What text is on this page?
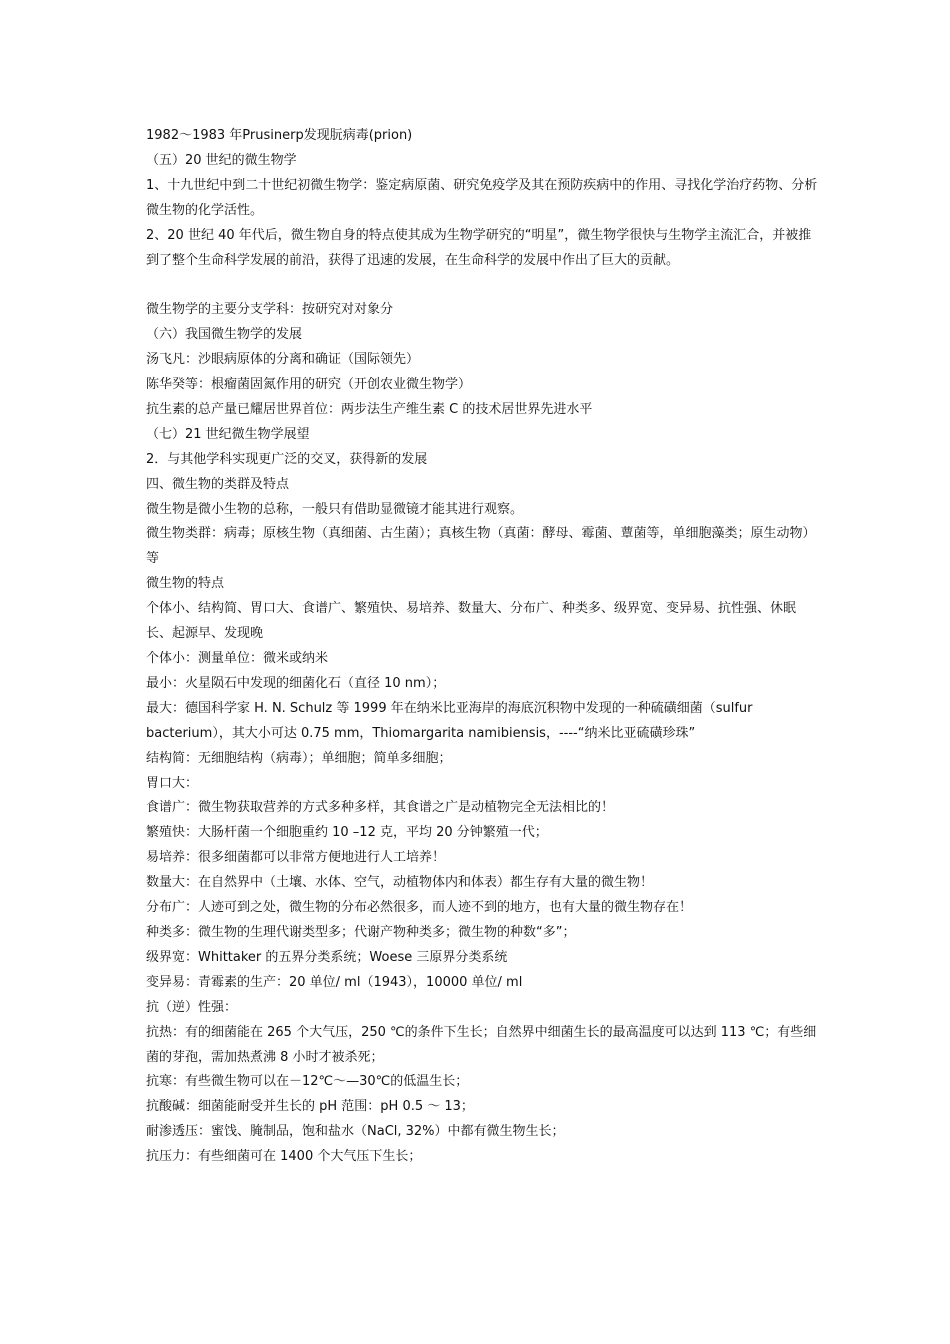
1982～1983 年Prusinerp发现朊病毒(prion)
（五）20 世纪的微生物学
1、十九世纪中到二十世纪初微生物学：鉴定病原菌、研究免疫学及其在预防疾病中的作用、寻找化学治疗药物、分析微生物的化学活性。
2、20 世纪 40 年代后，微生物自身的特点使其成为生物学研究的“明星”，微生物学很快与生物学主流汇合，并被推到了整个生命科学发展的前沿，获得了迅速的发展，在生命科学的发展中作出了巨大的贡献。
微生物学的主要分支学科：按研究对对象分
（六）我国微生物学的发展
汤飞凡：沙眼病原体的分离和确证（国际领先）
陈华癸等：根瘤菌固氮作用的研究（开创农业微生物学）
抗生素的总产量已耀居世界首位：两步法生产维生素 C 的技术居世界先进水平
（七）21 世纪微生物学展望
2．与其他学科实现更广泛的交叉，获得新的发展
四、微生物的类群及特点
微生物是微小生物的总称，一般只有借助显微镜才能其进行观察。
微生物类群：病毒；原核生物（真细菌、古生菌）；真核生物（真菌：酵母、霉菌、蕈菌等，单细胞藻类；原生动物）等
微生物的特点
个体小、结构简、胃口大、食谱广、繁殖快、易培养、数量大、分布广、种类多、级界宽、变异易、抗性强、休眠长、起源早、发现晚
个体小：测量单位：微米或纳米
最小：火星陨石中发现的细菌化石（直径 10 nm）；
最大：德国科学家 H. N. Schulz 等 1999 年在纳米比亚海岸的海底沉积物中发现的一种硫磺细菌（sulfur bacterium），其大小可达 0.75 mm，Thiomargarita namibiensis，----“纳米比亚硫磺珍珠”
结构简：无细胞结构（病毒）；单细胞；简单多细胞；
胃口大：
食谱广：微生物获取营养的方式多种多样，其食谱之广是动植物完全无法相比的！
繁殖快：大肠杆菌一个细胞重约 10 –12 克，平均 20 分钟繁殖一代；
易培养：很多细菌都可以非常方便地进行人工培养！
数量大：在自然界中（土壤、水体、空气，动植物体内和体表）都生存有大量的微生物！
分布广：人迹可到之处，微生物的分布必然很多，而人迹不到的地方，也有大量的微生物存在！
种类多：微生物的生理代谢类型多；代谢产物种类多；微生物的种数“多”；
级界宽：Whittaker 的五界分类系统；Woese 三原界分类系统
变异易：青霉素的生产：20 单位/ ml（1943），10000 单位/ ml
抗（逆）性强：
抗热：有的细菌能在 265 个大气压，250 ℃的条件下生长；自然界中细菌生长的最高温度可以达到 113 ℃；有些细菌的芽孢，需加热煮沸 8 小时才被杀死；
抗寒：有些微生物可以在－12℃～—30℃的低温生长；
抗酸碱：细菌能耐受并生长的 pH 范围：pH 0.5 ～ 13；
耐渗透压：蜜饯、腌制品，饱和盐水（NaCl, 32%）中都有微生物生长；
抗压力：有些细菌可在 1400 个大气压下生长；
